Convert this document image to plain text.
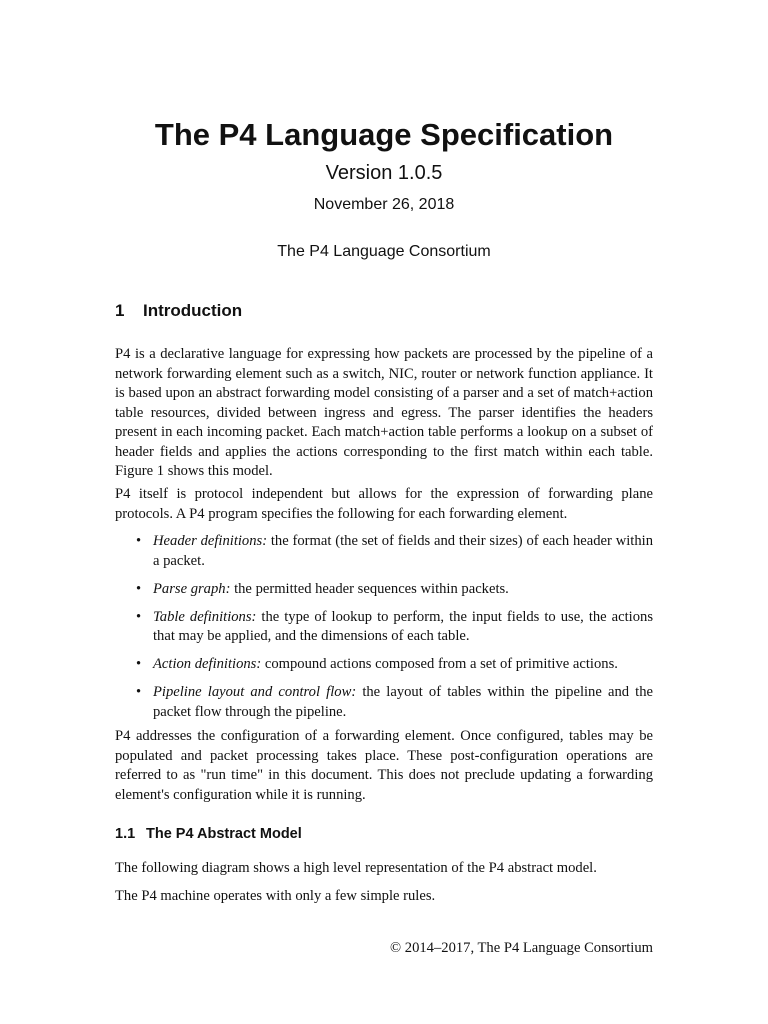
The P4 Language Specification
Version 1.0.5
November 26, 2018
The P4 Language Consortium
1 Introduction

P4 is a declarative language for expressing how packets are processed by the pipeline of a network forwarding element such as a switch, NIC, router or network function appliance. It is based upon an abstract forwarding model consisting of a parser and a set of match+action table resources, divided between ingress and egress. The parser identifies the headers present in each incoming packet. Each match+action table performs a lookup on a subset of header fields and applies the actions corresponding to the first match within each table. Figure 1 shows this model.

P4 itself is protocol independent but allows for the expression of forwarding plane protocols. A P4 program specifies the following for each forwarding element.

• Header definitions: the format (the set of fields and their sizes) of each header within a packet.
• Parse graph: the permitted header sequences within packets.
• Table definitions: the type of lookup to perform, the input fields to use, the actions that may be applied, and the dimensions of each table.
• Action definitions: compound actions composed from a set of primitive actions.
• Pipeline layout and control flow: the layout of tables within the pipeline and the packet flow through the pipeline.

P4 addresses the configuration of a forwarding element. Once configured, tables may be populated and packet processing takes place. These post-configuration operations are referred to as "run time" in this document. This does not preclude updating a forwarding element's configuration while it is running.

1.1 The P4 Abstract Model

The following diagram shows a high level representation of the P4 abstract model.

The P4 machine operates with only a few simple rules.

© 2014–2017, The P4 Language Consortium
